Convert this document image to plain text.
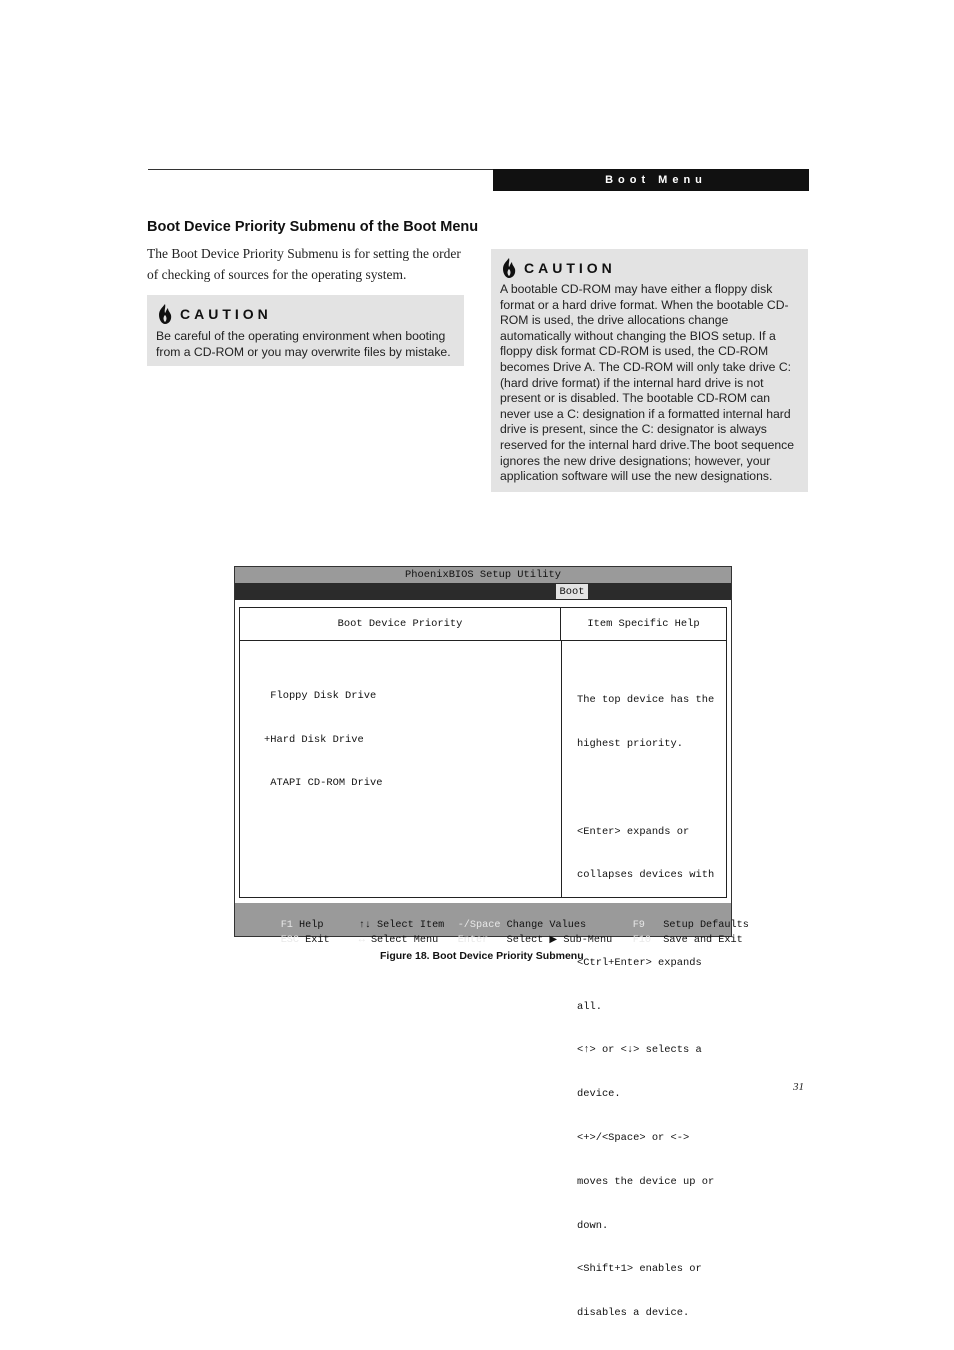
Boot Menu
Boot Device Priority Submenu of the Boot Menu
The Boot Device Priority Submenu is for setting the order of checking of sources for the operating system.
CAUTION
Be careful of the operating environment when booting from a CD-ROM or you may overwrite files by mistake.
CAUTION
A bootable CD-ROM may have either a floppy disk format or a hard drive format. When the bootable CD-ROM is used, the drive allocations change automatically without changing the BIOS setup. If a floppy disk format CD-ROM is used, the CD-ROM becomes Drive A. The CD-ROM will only take drive C: (hard drive format) if the internal hard drive is not present or is disabled. The bootable CD-ROM can never use a C: designation if a formatted internal hard drive is present, since the C: designator is always reserved for the internal hard drive.The boot sequence ignores the new drive designations; however, your application software will use the new designations.
PhoenixBIOS Setup Utility
Boot
Boot Device Priority	Item Specific Help

Floppy Disk Drive

+Hard Disk Drive

ATAPI CD-ROM Drive

The top device has the

highest priority.

<Enter> expands or

collapses devices with

<Ctrl+Enter> expands

all.

<↑> or <↓> selects a

device.

<+>/<Space> or <->

moves the device up or

down.

<Shift+1> enables or

disables a device.

F1 Help

ESC Exit

↑↓ Select Item

↔ Select Menu

-/Space Change Values

Enter Select ▶ Sub-Menu

F9 Setup Defaults

F10 Save and Exit

Figure 18. Boot Device Priority Submenu
31
